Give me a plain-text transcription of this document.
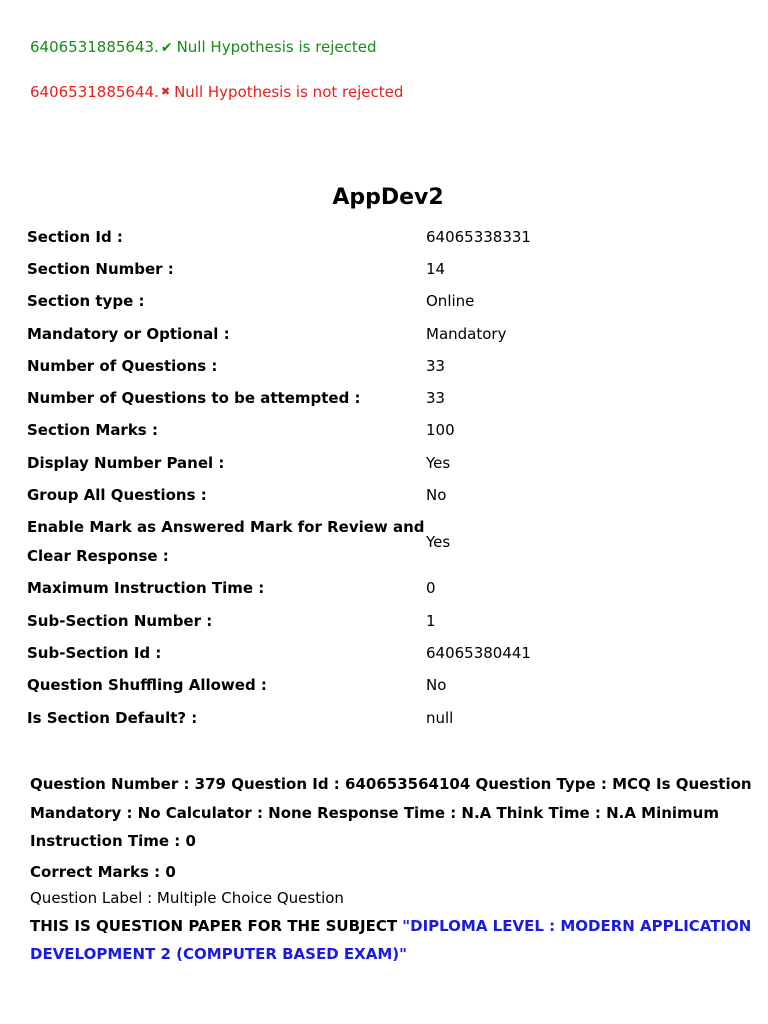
6406531885643. ✔ Null Hypothesis is rejected
6406531885644. ✖ Null Hypothesis is not rejected
AppDev2
Section Id :	64065338331
Section Number :	14
Section type :	Online
Mandatory or Optional :	Mandatory
Number of Questions :	33
Number of Questions to be attempted :	33
Section Marks :	100
Display Number Panel :	Yes
Group All Questions :	No
Enable Mark as Answered Mark for Review and Clear Response :	Yes
Maximum Instruction Time :	0
Sub-Section Number :	1
Sub-Section Id :	64065380441
Question Shuffling Allowed :	No
Is Section Default? :	null
Question Number : 379 Question Id : 640653564104 Question Type : MCQ Is Question Mandatory : No Calculator : None Response Time : N.A Think Time : N.A Minimum Instruction Time : 0
Correct Marks : 0
Question Label : Multiple Choice Question
THIS IS QUESTION PAPER FOR THE SUBJECT "DIPLOMA LEVEL : MODERN APPLICATION DEVELOPMENT 2 (COMPUTER BASED EXAM)"
